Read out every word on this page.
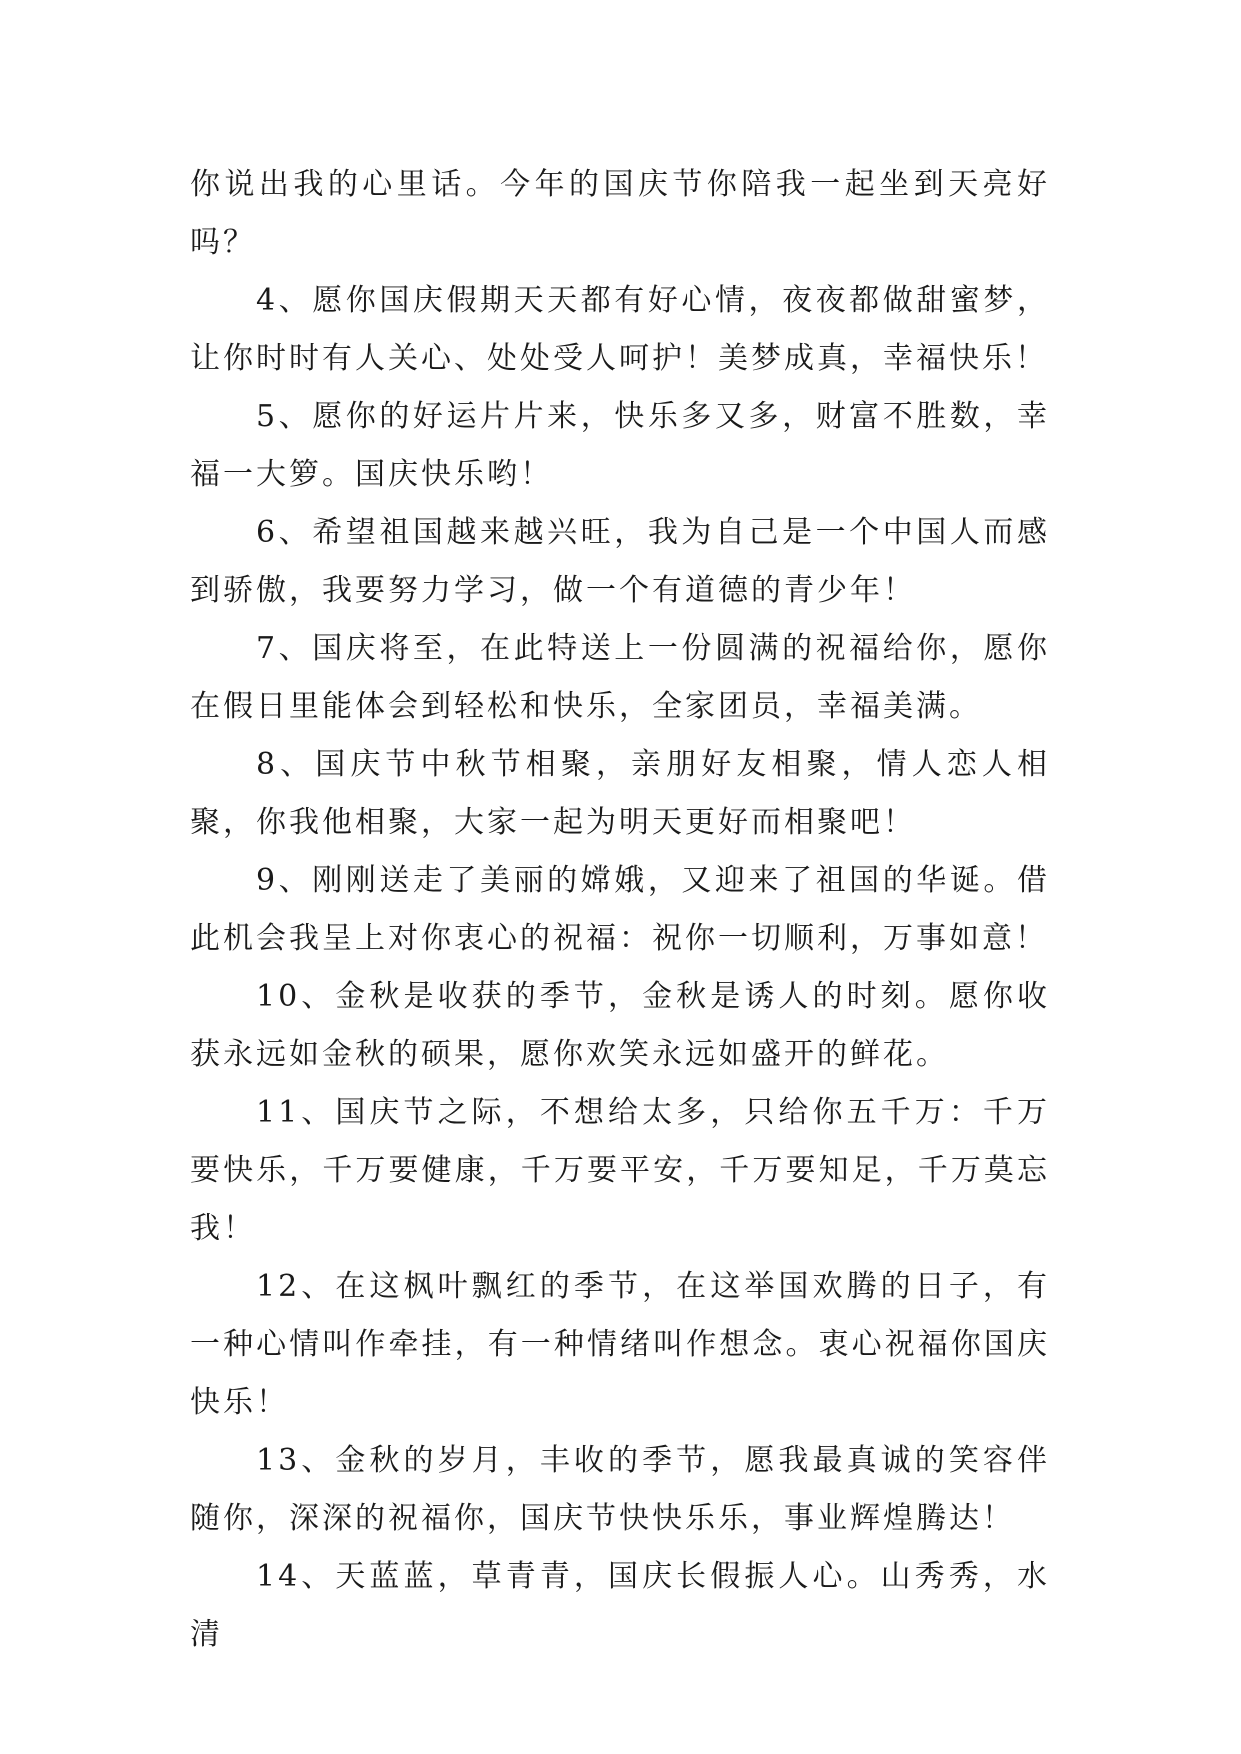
你说出我的心里话。今年的国庆节你陪我一起坐到天亮好吗？

4、愿你国庆假期天天都有好心情，夜夜都做甜蜜梦，让你时时有人关心、处处受人呵护！美梦成真，幸福快乐！

5、愿你的好运片片来，快乐多又多，财富不胜数，幸福一大箩。国庆快乐哟！

6、希望祖国越来越兴旺，我为自己是一个中国人而感到骄傲，我要努力学习，做一个有道德的青少年！

7、国庆将至，在此特送上一份圆满的祝福给你，愿你在假日里能体会到轻松和快乐，全家团员，幸福美满。

8、国庆节中秋节相聚，亲朋好友相聚，情人恋人相聚，你我他相聚，大家一起为明天更好而相聚吧！

9、刚刚送走了美丽的嫦娥，又迎来了祖国的华诞。借此机会我呈上对你衷心的祝福：祝你一切顺利，万事如意！

10、金秋是收获的季节，金秋是诱人的时刻。愿你收获永远如金秋的硕果，愿你欢笑永远如盛开的鲜花。

11、国庆节之际，不想给太多，只给你五千万：千万要快乐，千万要健康，千万要平安，千万要知足，千万莫忘我！

12、在这枫叶飘红的季节，在这举国欢腾的日子，有一种心情叫作牵挂，有一种情绪叫作想念。衷心祝福你国庆快乐！

13、金秋的岁月，丰收的季节，愿我最真诚的笑容伴随你，深深的祝福你，国庆节快快乐乐，事业辉煌腾达！

14、天蓝蓝，草青青，国庆长假振人心。山秀秀，水清
